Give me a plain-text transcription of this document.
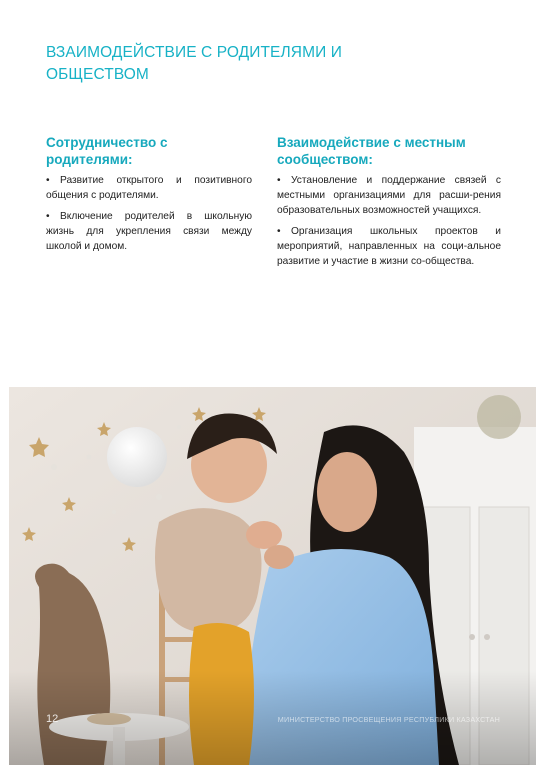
ВЗАИМОДЕЙСТВИЕ С РОДИТЕЛЯМИ И
ОБЩЕСТВОМ
Сотрудничество с
родителями:

• Развитие открытого и позитивного общения с родителями.

• Включение родителей в школьную жизнь для укрепления связи между школой и домом.

Взаимодействие с местным
сообществом:

• Установление и поддержание связей с местными организациями для расши-рения образовательных возможностей учащихся.

• Организация школьных проектов и мероприятий, направленных на соци-альное развитие и участие в жизни со-общества.

12	МИНИСТЕРСТВО ПРОСВЕЩЕНИЯ РЕСПУБЛИКИ КАЗАХСТАН
